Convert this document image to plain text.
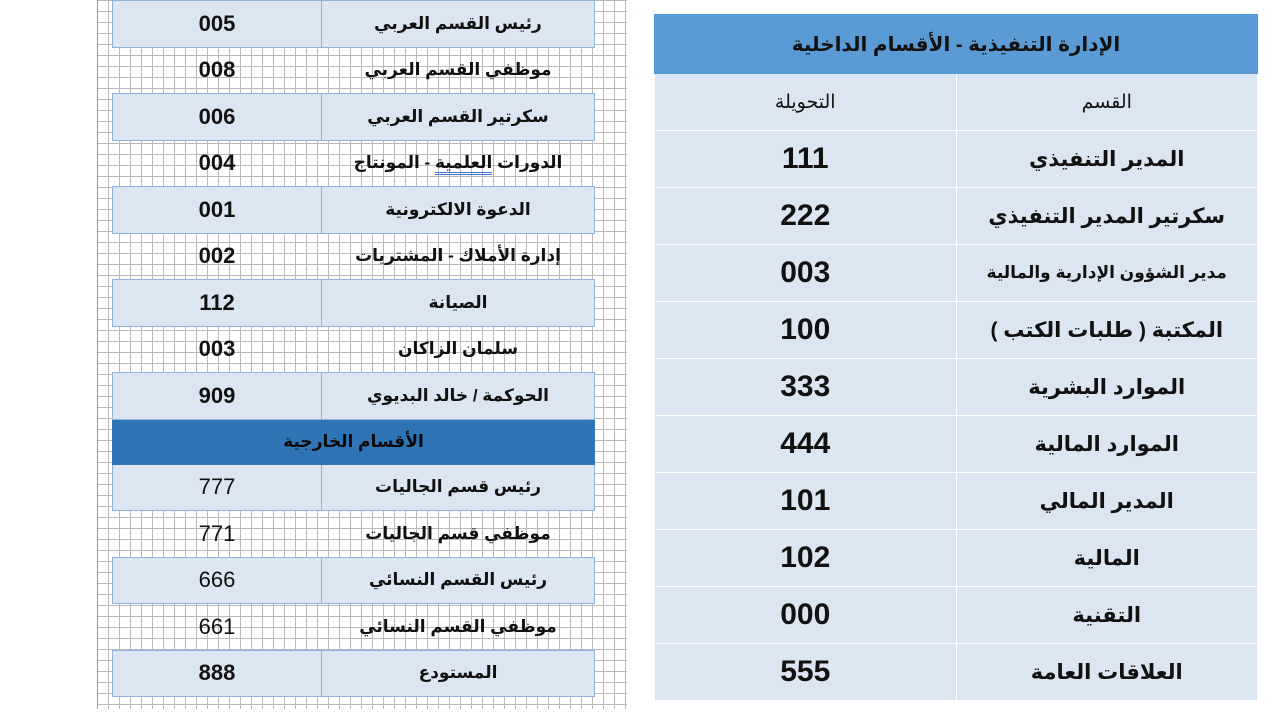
رئيس القسم العربي	005
موظفي القسم العربي	008
سكرتير القسم العربي	006
الدورات العلمية - المونتاج	004
الدعوة الالكترونية	001
إدارة الأملاك - المشتريات	002
الصيانة	112
سلمان الزاكان	003
الحوكمة / خالد البديوي	909
الأقسام الخارجية	
رئيس قسم الجاليات	777
موظفي قسم الجاليات	771
رئيس القسم النسائي	666
موظفي القسم النسائي	661
المستودع	888
الإدارة التنفيذية - الأقسام الداخلية	
القسم	التحويلة
المدير التنفيذي	111
سكرتير المدير التنفيذي	222
مدير الشؤون الإدارية والمالية	003
المكتبة ( طلبات الكتب )	100
الموارد البشرية	333
الموارد المالية	444
المدير المالي	101
المالية	102
التقنية	000
العلاقات العامة	555
